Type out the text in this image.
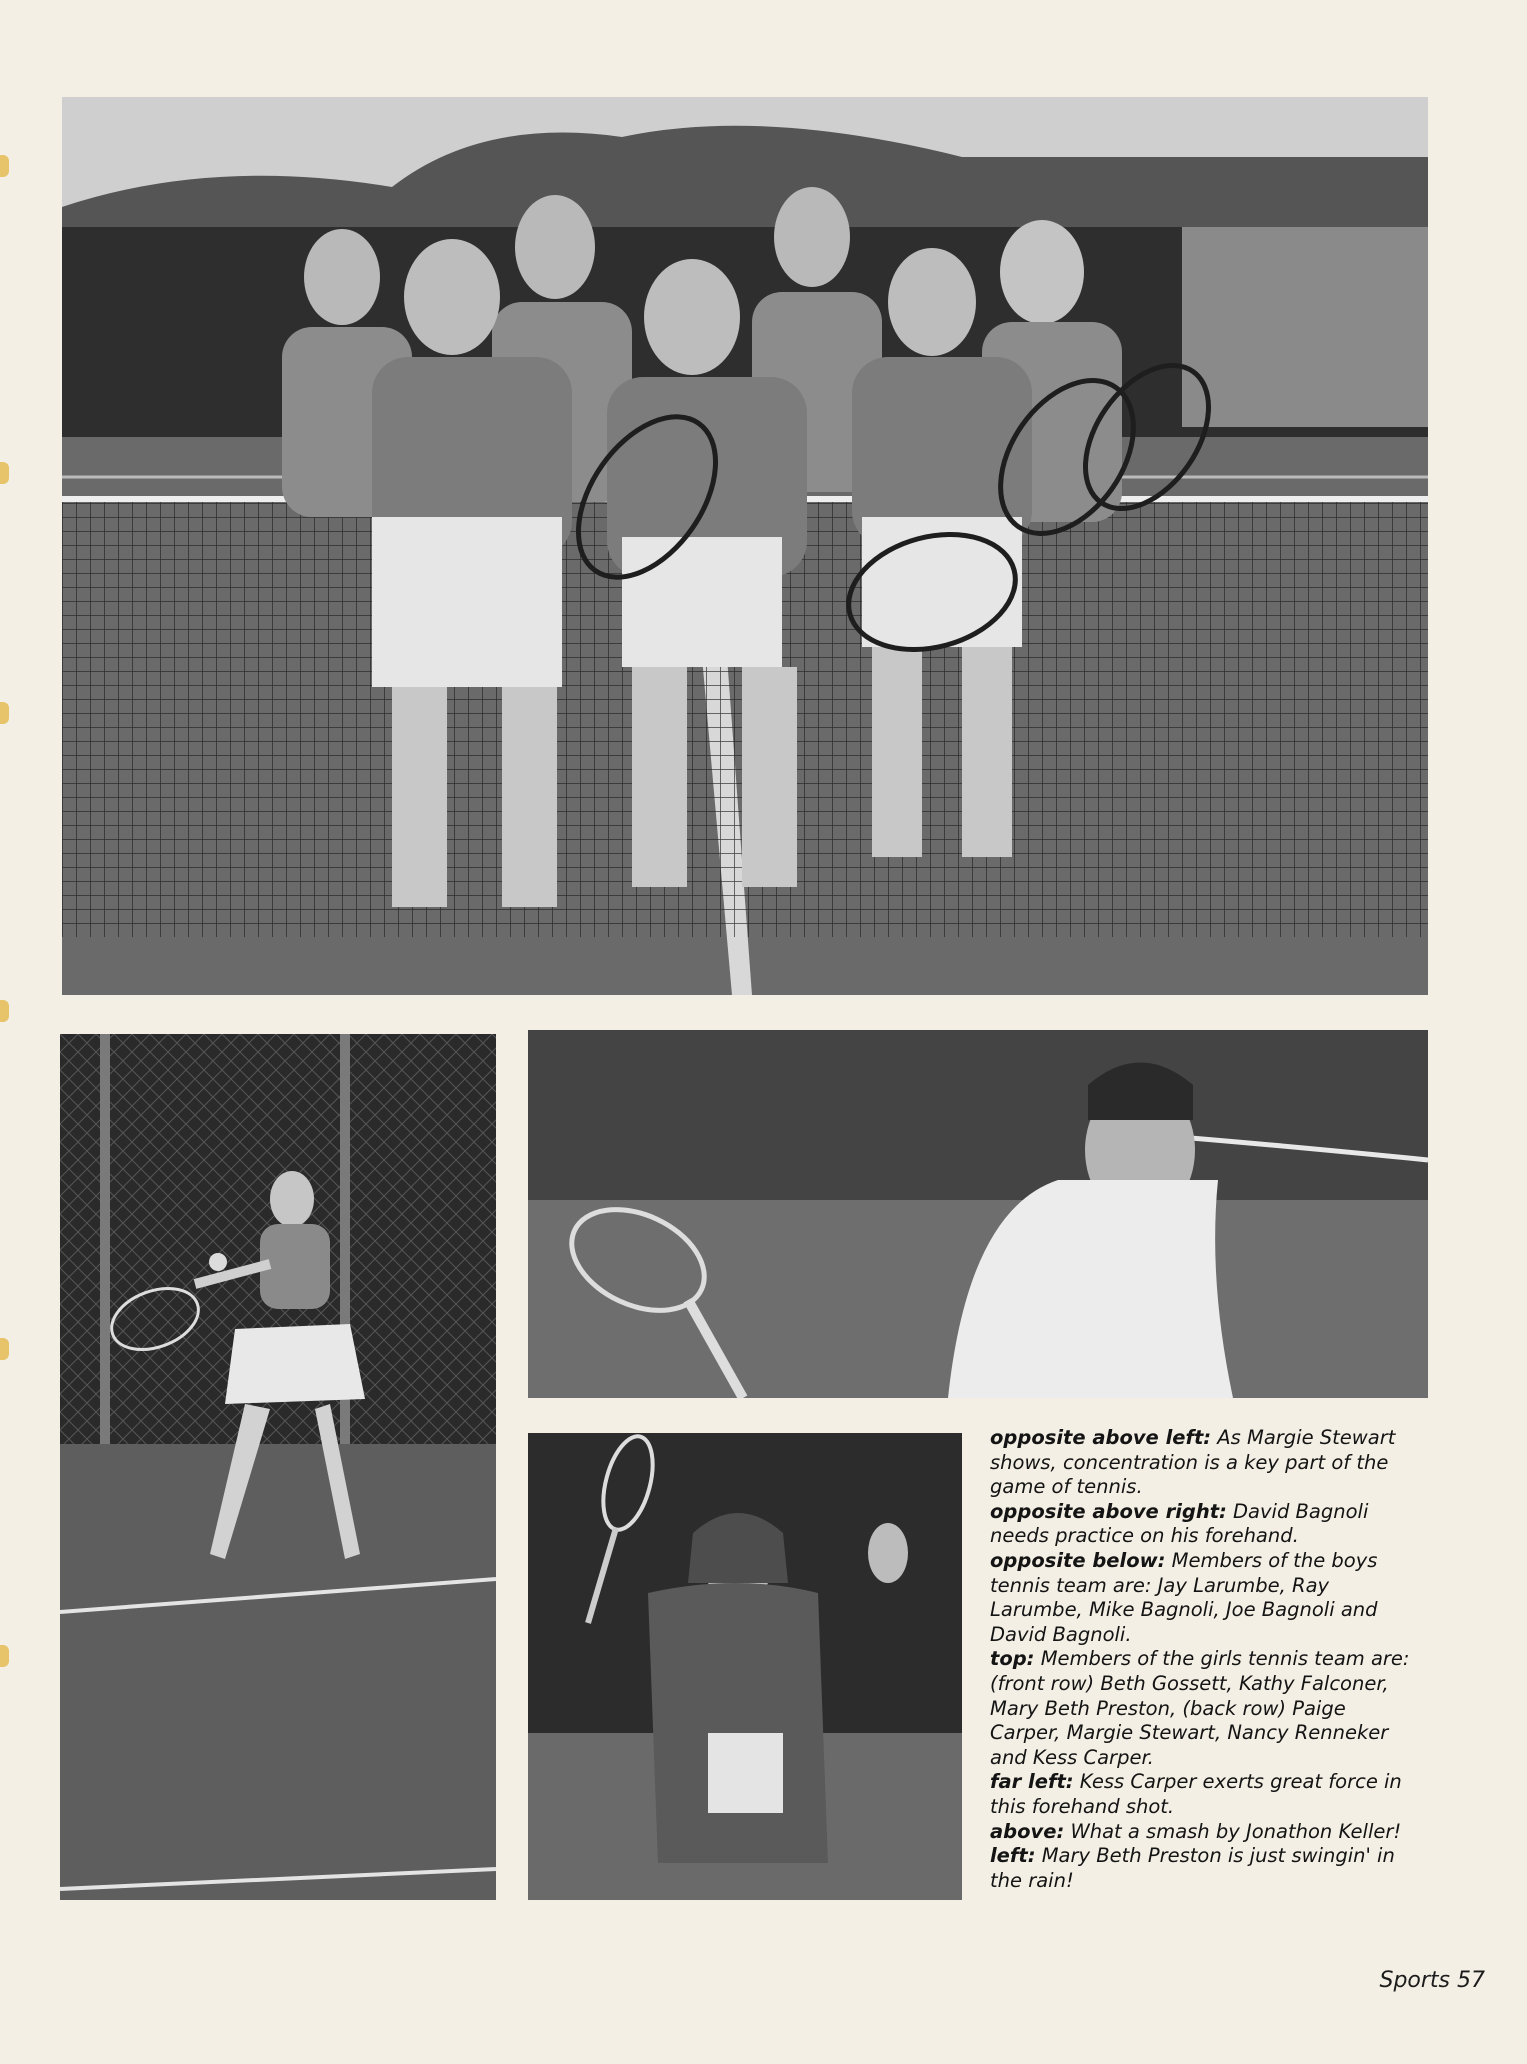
opposite above left: As Margie Stewart shows, concentration is a key part of the game of tennis.

opposite above right: David Bagnoli needs practice on his forehand.

opposite below: Members of the boys tennis team are: Jay Larumbe, Ray Larumbe, Mike Bagnoli, Joe Bagnoli and David Bagnoli.

top: Members of the girls tennis team are: (front row) Beth Gossett, Kathy Falconer, Mary Beth Preston, (back row) Paige Carper, Margie Stewart, Nancy Renneker and Kess Carper.

far left: Kess Carper exerts great force in this forehand shot.

above: What a smash by Jonathon Keller!

left: Mary Beth Preston is just swingin' in the rain!

Sports 57
